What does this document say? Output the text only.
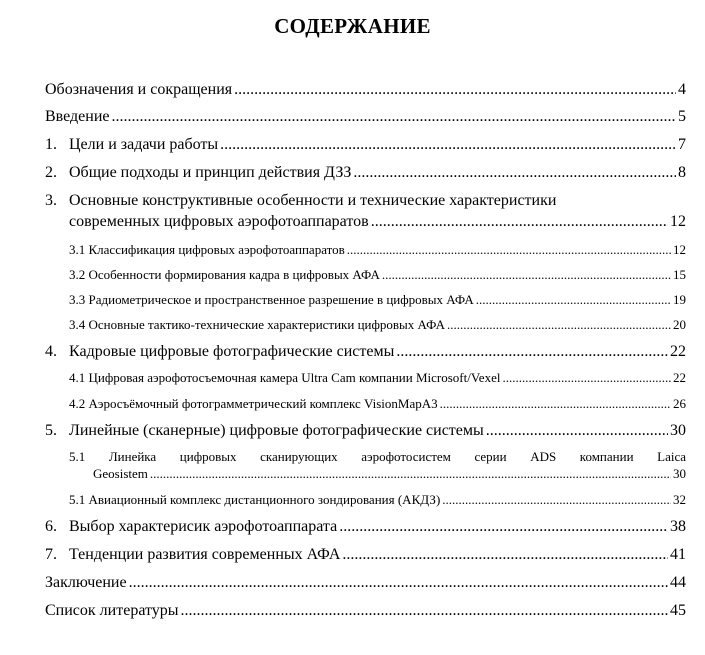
СОДЕРЖАНИЕ
Обозначения и сокращения .....	4
Введение .....	5
1. Цели и задачи работы .....	7
2. Общие подходы и принцип действия ДЗЗ .....	8
3. Основные конструктивные особенности и технические характеристики
современных цифровых аэрофотоаппаратов .....	12
3.1 Классификация цифровых аэрофотоаппаратов .....	12
3.2 Особенности формирования кадра в цифровых АФА .....	15
3.3 Радиометрическое и пространственное разрешение в цифровых АФА .....	19
3.4 Основные тактико-технические характеристики цифровых АФА .....	20
4. Кадровые цифровые фотографические системы .....	22
4.1 Цифровая аэрофотосъемочная камера Ultra Cam компании Microsoft/Vexel .....	22
4.2 Аэросъёмочный фотограмметрический комплекс VisionMapA3 .....	26
5. Линейные (сканерные) цифровые фотографические системы .....	30
5.1 Линейка цифровых сканирующих аэрофотосистем серии ADS компании Laica
Geosistem .....	30
5.1 Авиационный комплекс дистанционного зондирования (АКДЗ) .....	32
6. Выбор характерисик аэрофотоаппарата .....	38
7. Тенденции развития современных АФА .....	41
Заключение .....	44
Список литературы .....	45
